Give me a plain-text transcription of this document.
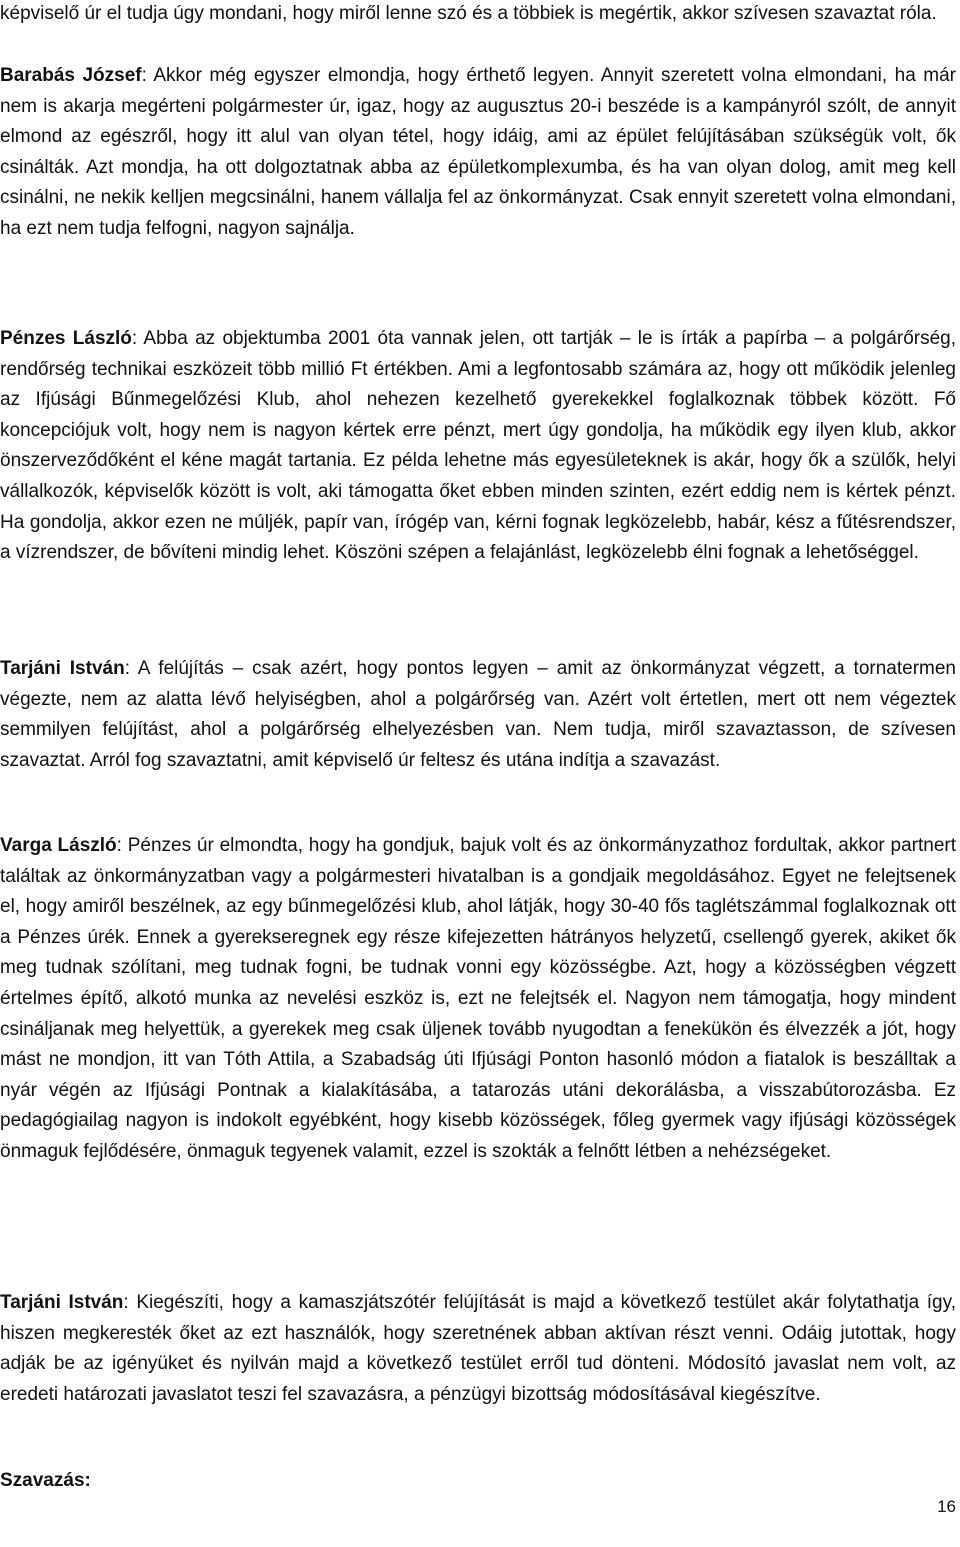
képviselő úr el tudja úgy mondani, hogy miről lenne szó és a többiek is megértik, akkor szívesen szavaztat róla.

Barabás József: Akkor még egyszer elmondja, hogy érthető legyen. Annyit szeretett volna elmondani, ha már nem is akarja megérteni polgármester úr, igaz, hogy az augusztus 20-i beszéde is a kampányról szólt, de annyit elmond az egészről, hogy itt alul van olyan tétel, hogy idáig, ami az épület felújításában szükségük volt, ők csinálták. Azt mondja, ha ott dolgoztatnak abba az épületkomplexumba, és ha van olyan dolog, amit meg kell csinálni, ne nekik kelljen megcsinálni, hanem vállalja fel az önkormányzat. Csak ennyit szeretett volna elmondani, ha ezt nem tudja felfogni, nagyon sajnálja.

Pénzes László: Abba az objektumba 2001 óta vannak jelen, ott tartják – le is írták a papírba – a polgárőrség, rendőrség technikai eszközeit több millió Ft értékben. Ami a legfontosabb számára az, hogy ott működik jelenleg az Ifjúsági Bűnmegelőzési Klub, ahol nehezen kezelhető gyerekekkel foglalkoznak többek között. Fő koncepciójuk volt, hogy nem is nagyon kértek erre pénzt, mert úgy gondolja, ha működik egy ilyen klub, akkor önszerveződőként el kéne magát tartania. Ez példa lehetne más egyesületeknek is akár, hogy ők a szülők, helyi vállalkozók, képviselők között is volt, aki támogatta őket ebben minden szinten, ezért eddig nem is kértek pénzt. Ha gondolja, akkor ezen ne múljék, papír van, írógép van, kérni fognak legközelebb, habár, kész a fűtésrendszer, a vízrendszer, de bővíteni mindig lehet. Köszöni szépen a felajánlást, legközelebb élni fognak a lehetőséggel.

Tarjáni István: A felújítás – csak azért, hogy pontos legyen – amit az önkormányzat végzett, a tornatermen végezte, nem az alatta lévő helyiségben, ahol a polgárőrség van. Azért volt értetlen, mert ott nem végeztek semmilyen felújítást, ahol a polgárőrség elhelyezésben van. Nem tudja, miről szavaztasson, de szívesen szavaztat. Arról fog szavaztatni, amit képviselő úr feltesz és utána indítja a szavazást.

Varga László: Pénzes úr elmondta, hogy ha gondjuk, bajuk volt és az önkormányzathoz fordultak, akkor partnert találtak az önkormányzatban vagy a polgármesteri hivatalban is a gondjaik megoldásához. Egyet ne felejtsenek el, hogy amiről beszélnek, az egy bűnmegelőzési klub, ahol látják, hogy 30-40 fős taglétszámmal foglalkoznak ott a Pénzes úrék. Ennek a gyerekseregnek egy része kifejezetten hátrányos helyzetű, csellengő gyerek, akiket ők meg tudnak szólítani, meg tudnak fogni, be tudnak vonni egy közösségbe. Azt, hogy a közösségben végzett értelmes építő, alkotó munka az nevelési eszköz is, ezt ne felejtsék el. Nagyon nem támogatja, hogy mindent csináljanak meg helyettük, a gyerekek meg csak üljenek tovább nyugodtan a fenekükön és élvezzék a jót, hogy mást ne mondjon, itt van Tóth Attila, a Szabadság úti Ifjúsági Ponton hasonló módon a fiatalok is beszálltak a nyár végén az Ifjúsági Pontnak a kialakításába, a tatarozás utáni dekorálásba, a visszabútorozásba. Ez pedagógiailag nagyon is indokolt egyébként, hogy kisebb közösségek, főleg gyermek vagy ifjúsági közösségek önmaguk fejlődésére, önmaguk tegyenek valamit, ezzel is szokták a felnőtt létben a nehézségeket.

Tarjáni István: Kiegészíti, hogy a kamaszjátszótér felújítását is majd a következő testület akár folytathatja így, hiszen megkeresték őket az ezt használók, hogy szeretnének abban aktívan részt venni. Odáig jutottak, hogy adják be az igényüket és nyilván majd a következő testület erről tud dönteni. Módosító javaslat nem volt, az eredeti határozati javaslatot teszi fel szavazásra, a pénzügyi bizottság módosításával kiegészítve.

Szavazás:

16
